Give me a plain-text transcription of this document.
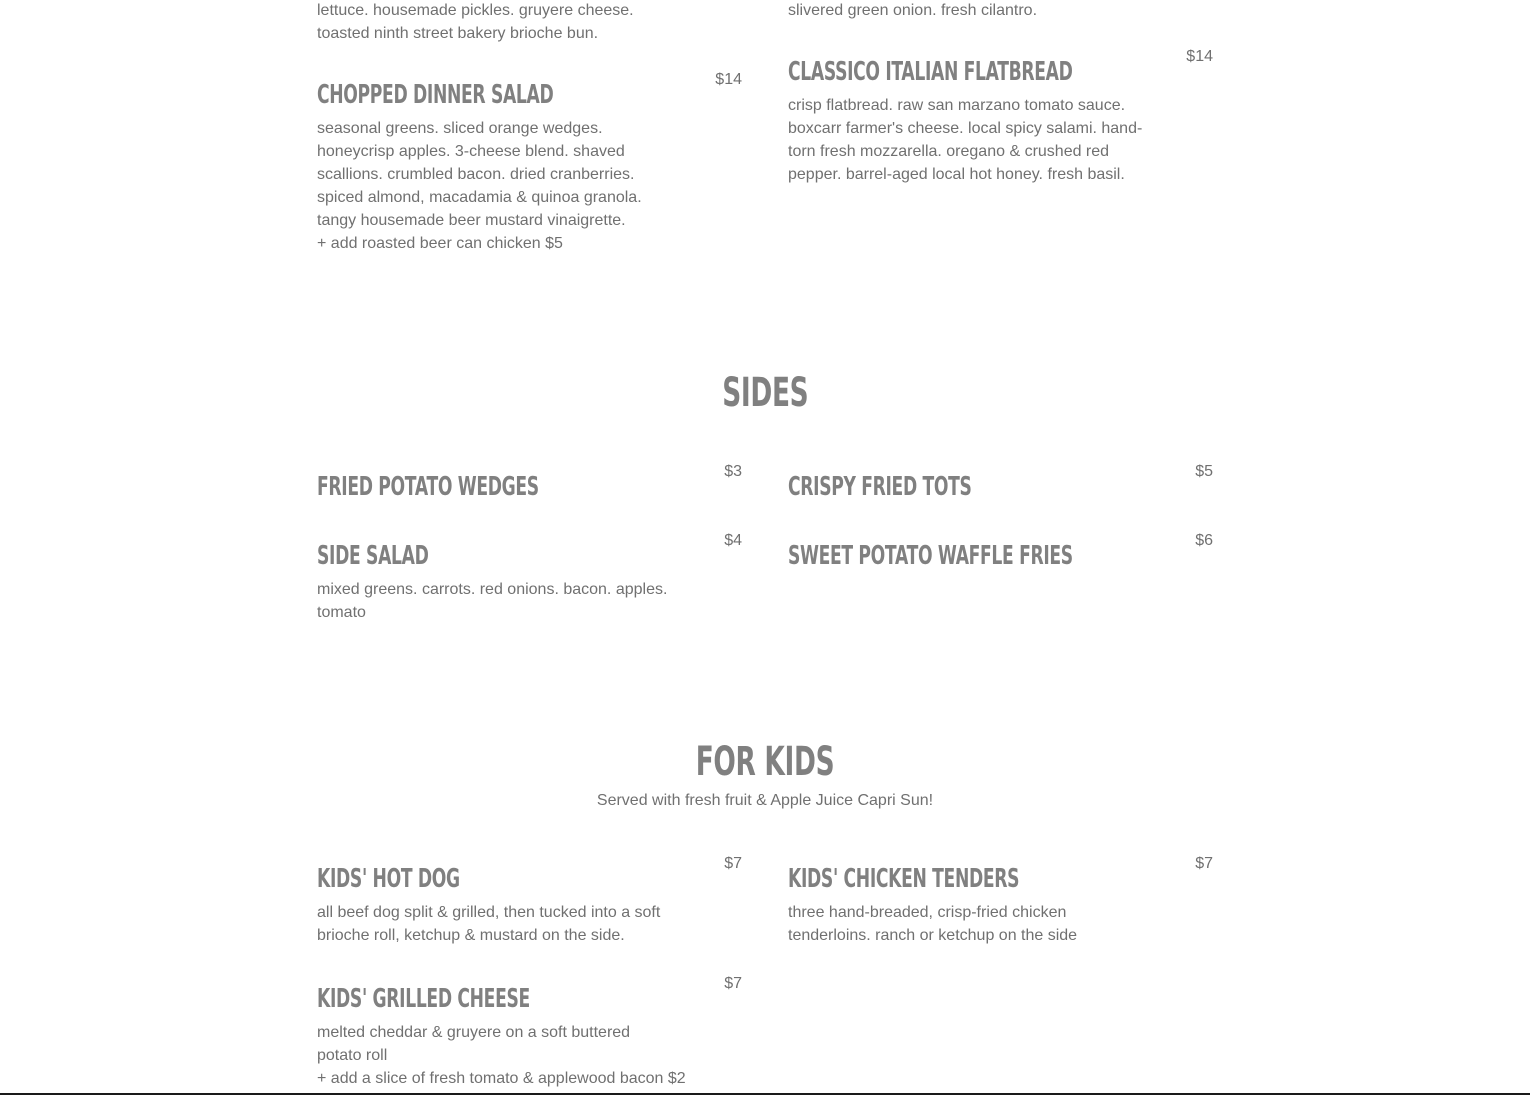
lettuce. housemade pickles. gruyere cheese.
toasted ninth street bakery brioche bun.
slivered green onion. fresh cilantro.
CHOPPED DINNER SALAD
$14
seasonal greens. sliced orange wedges.
honeycrisp apples. 3-cheese blend. shaved
scallions. crumbled bacon. dried cranberries.
spiced almond, macadamia & quinoa granola.
tangy housemade beer mustard vinaigrette.
+ add roasted beer can chicken $5
CLASSICO ITALIAN FLATBREAD
$14
crisp flatbread. raw san marzano tomato sauce.
boxcarr farmer's cheese. local spicy salami. hand-
torn fresh mozzarella. oregano & crushed red
pepper. barrel-aged local hot honey. fresh basil.
SIDES
FRIED POTATO WEDGES
$3
CRISPY FRIED TOTS
$5
SIDE SALAD
$4
mixed greens. carrots. red onions. bacon. apples.
tomato
SWEET POTATO WAFFLE FRIES
$6
FOR KIDS

Served with fresh fruit & Apple Juice Capri Sun!

KIDS' HOT DOG
$7
all beef dog split & grilled, then tucked into a soft
brioche roll, ketchup & mustard on the side.
KIDS' CHICKEN TENDERS
$7
three hand-breaded, crisp-fried chicken
tenderloins. ranch or ketchup on the side
KIDS' GRILLED CHEESE
$7
melted cheddar & gruyere on a soft buttered
potato roll
+ add a slice of fresh tomato & applewood bacon $2
